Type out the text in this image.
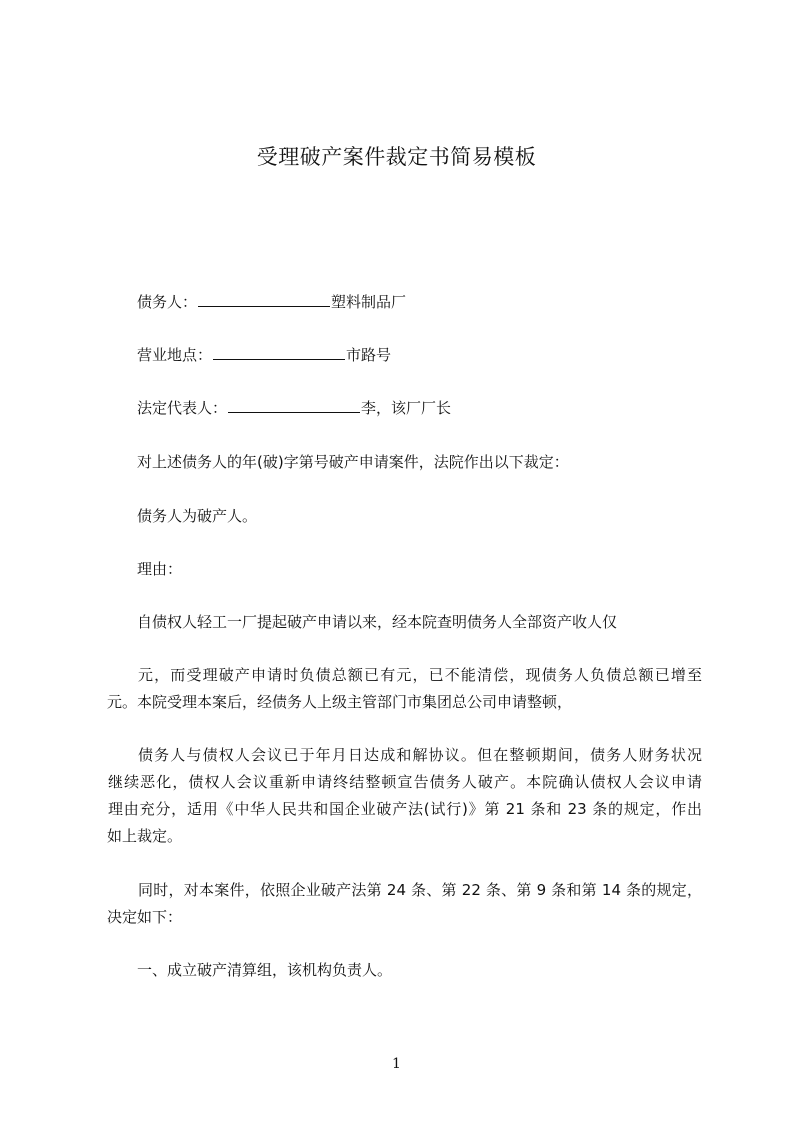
受理破产案件裁定书简易模板
债务人：	塑料制品厂
营业地点：	市路号
法定代表人：	李，该厂厂长
对上述债务人的年(破)字第号破产申请案件，法院作出以下裁定：
债务人为破产人。
理由：
自债权人轻工一厂提起破产申请以来，经本院查明债务人全部资产收人仅
元，而受理破产申请时负债总额已有元，已不能清偿，现债务人负债总额已增至
元。本院受理本案后，经债务人上级主管部门市集团总公司申请整顿，
债务人与债权人会议已于年月日达成和解协议。但在整顿期间，债务人财务状况
继续恶化，债权人会议重新申请终结整顿宣告债务人破产。本院确认债权人会议申请
理由充分，适用《中华人民共和国企业破产法(试行)》第 21 条和 23 条的规定，作出
如上裁定。
同时，对本案件，依照企业破产法第 24 条、第 22 条、第 9 条和第 14 条的规定，
决定如下：
一、成立破产清算组，该机构负责人。
1
